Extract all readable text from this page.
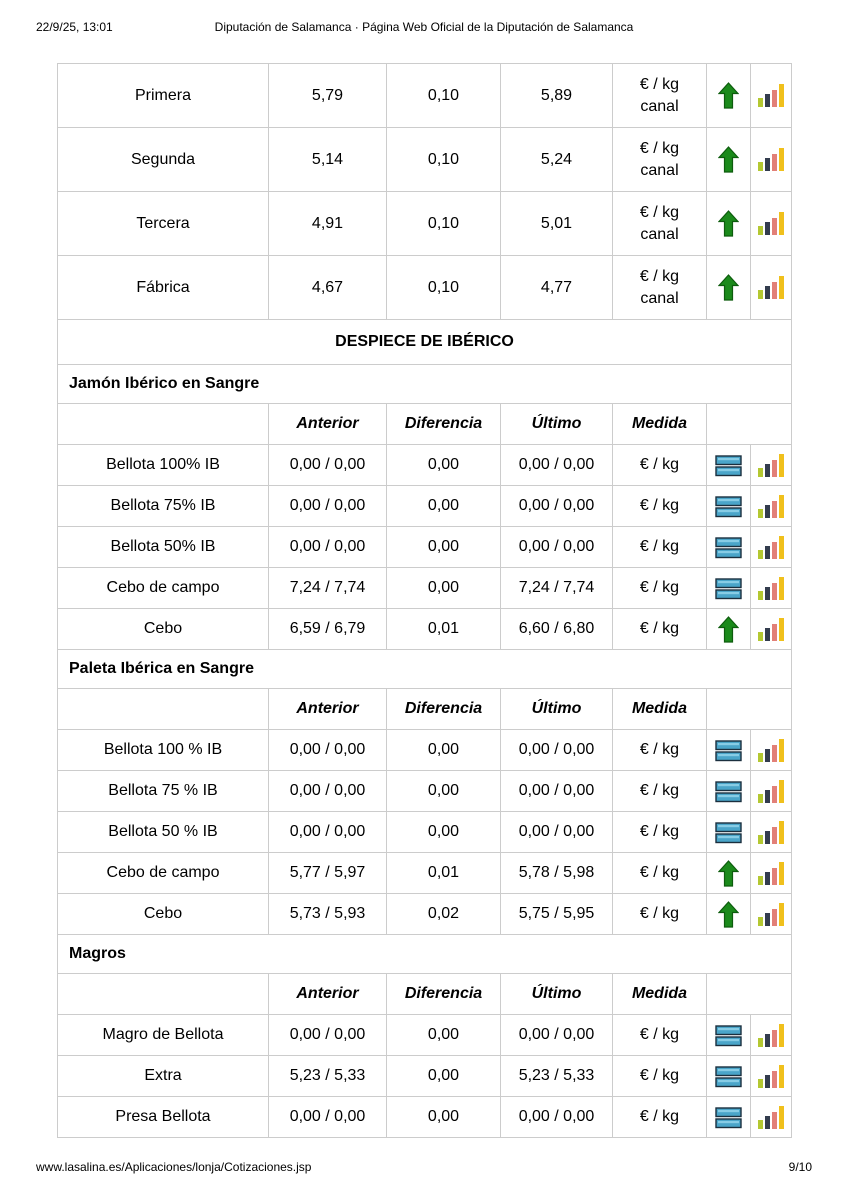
22/9/25, 13:01	Diputación de Salamanca · Página Web Oficial de la Diputación de Salamanca
Primera	5,79	0,10	5,89	€ / kg canal		
Segunda	5,14	0,10	5,24	€ / kg canal		
Tercera	4,91	0,10	5,01	€ / kg canal		
Fábrica	4,67	0,10	4,77	€ / kg canal		
DESPIECE DE IBÉRICO						
Jamón Ibérico en Sangre						
	Anterior	Diferencia	Último	Medida		
Bellota 100% IB	0,00 / 0,00	0,00	0,00 / 0,00	€ / kg		
Bellota 75% IB	0,00 / 0,00	0,00	0,00 / 0,00	€ / kg		
Bellota 50% IB	0,00 / 0,00	0,00	0,00 / 0,00	€ / kg		
Cebo de campo	7,24 / 7,74	0,00	7,24 / 7,74	€ / kg		
Cebo	6,59 / 6,79	0,01	6,60 / 6,80	€ / kg		
Paleta Ibérica en Sangre						
	Anterior	Diferencia	Último	Medida		
Bellota 100 % IB	0,00 / 0,00	0,00	0,00 / 0,00	€ / kg		
Bellota 75 % IB	0,00 / 0,00	0,00	0,00 / 0,00	€ / kg		
Bellota 50 % IB	0,00 / 0,00	0,00	0,00 / 0,00	€ / kg		
Cebo de campo	5,77 / 5,97	0,01	5,78 / 5,98	€ / kg		
Cebo	5,73 / 5,93	0,02	5,75 / 5,95	€ / kg		
Magros						
	Anterior	Diferencia	Último	Medida		
Magro de Bellota	0,00 / 0,00	0,00	0,00 / 0,00	€ / kg		
Extra	5,23 / 5,33	0,00	5,23 / 5,33	€ / kg		
Presa Bellota	0,00 / 0,00	0,00	0,00 / 0,00	€ / kg		
www.lasalina.es/Aplicaciones/lonja/Cotizaciones.jsp	9/10
